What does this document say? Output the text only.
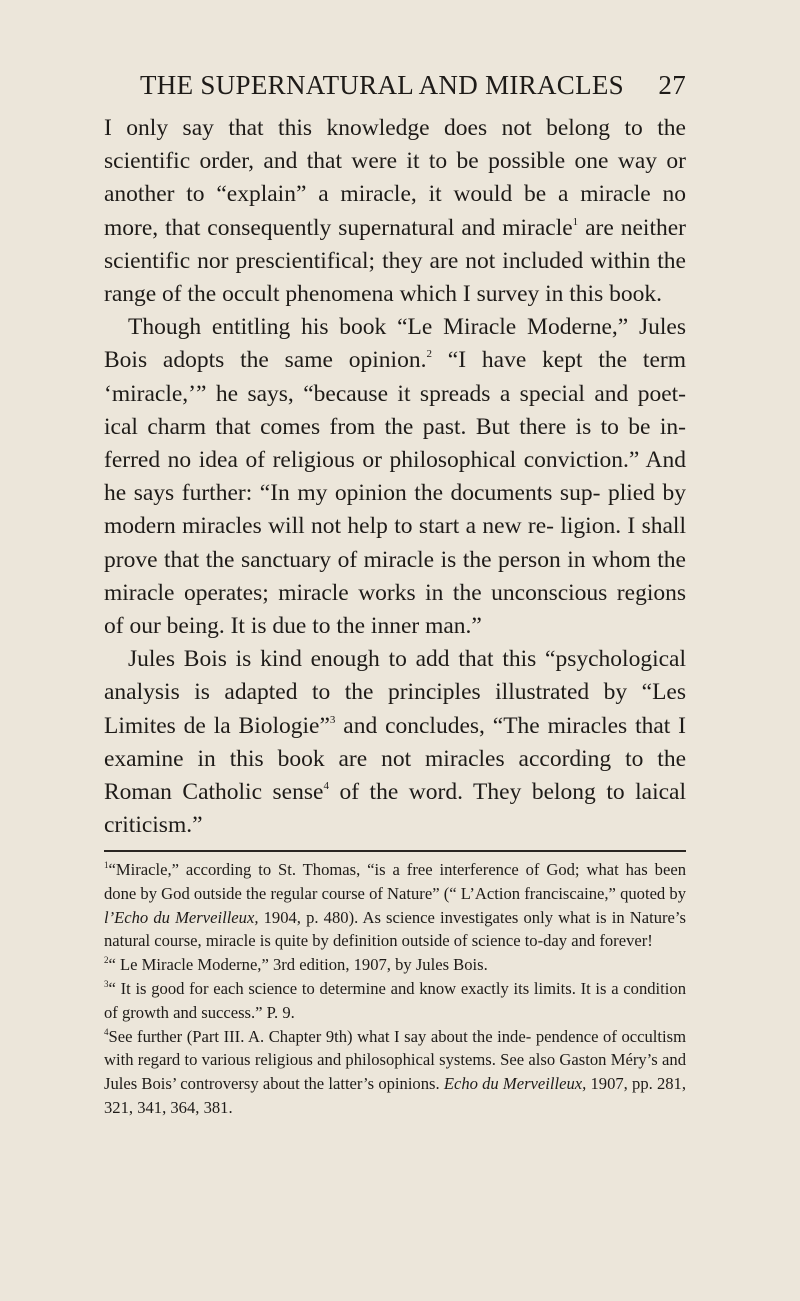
THE SUPERNATURAL AND MIRACLES 27

I only say that this knowledge does not belong to the scientific order, and that were it to be possible one way or another to “explain” a miracle, it would be a miracle no more, that consequently supernatural and miracle$^1$ are neither scientific nor prescientifical; they are not included within the range of the occult phenomena which I survey in this book.

Though entitling his book “Le Miracle Moderne,” Jules Bois adopts the same opinion.$^2$ “I have kept the term ‘miracle,’” he says, “because it spreads a special and poet- ical charm that comes from the past. But there is to be in- ferred no idea of religious or philosophical conviction.” And he says further: “In my opinion the documents sup- plied by modern miracles will not help to start a new re- ligion. I shall prove that the sanctuary of miracle is the person in whom the miracle operates; miracle works in the unconscious regions of our being. It is due to the inner man.”

Jules Bois is kind enough to add that this “psychological analysis is adapted to the principles illustrated by “Les Limites de la Biologie”$^3$ and concludes, “The miracles that I examine in this book are not miracles according to the Roman Catholic sense$^4$ of the word. They belong to laical criticism.”

$^1$“Miracle,” according to St. Thomas, “is a free interference of God; what has been done by God outside the regular course of Nature” (“ L’Action franciscaine,” quoted by l’Echo du Merveilleux, 1904, p. 480). As science investigates only what is in Nature’s natural course, miracle is quite by definition outside of science to-day and forever!

$^2$“ Le Miracle Moderne,” 3rd edition, 1907, by Jules Bois.

$^3$“ It is good for each science to determine and know exactly its limits. It is a condition of growth and success.” P. 9.

$^4$See further (Part III. A. Chapter 9th) what I say about the inde- pendence of occultism with regard to various religious and philosophical systems. See also Gaston Méry’s and Jules Bois’ controversy about the latter’s opinions. Echo du Merveilleux, 1907, pp. 281, 321, 341, 364, 381.
